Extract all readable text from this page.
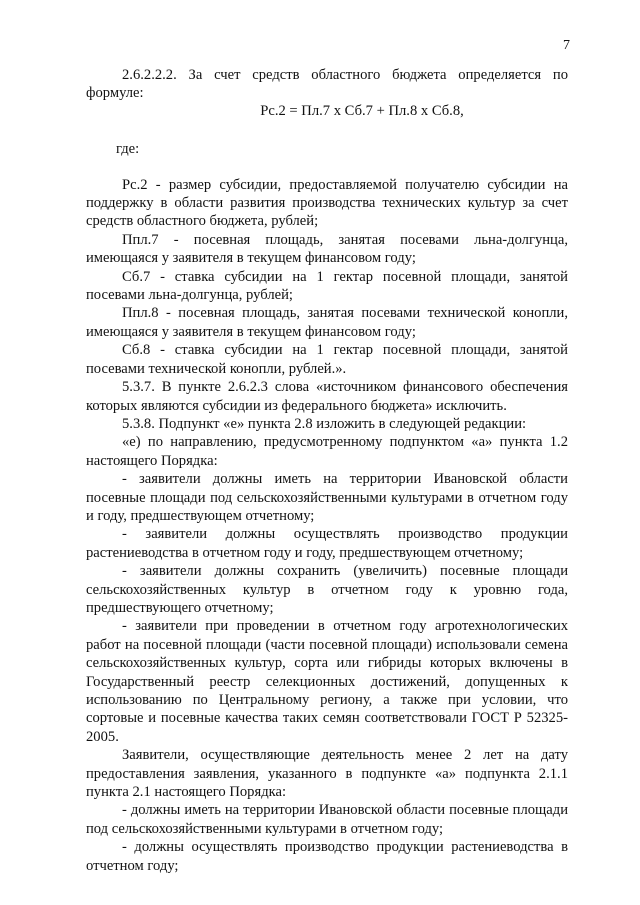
7

2.6.2.2.2. За счет средств областного бюджета определяется по формуле:

Рс.2 = Пл.7 х Сб.7 + Пл.8 х Сб.8,

где:

Рс.2 - размер субсидии, предоставляемой получателю субсидии на поддержку в области развития производства технических культур за счет средств областного бюджета, рублей;

Ппл.7 - посевная площадь, занятая посевами льна-долгунца, имеющаяся у заявителя в текущем финансовом году;

Сб.7 - ставка субсидии на 1 гектар посевной площади, занятой посевами льна-долгунца, рублей;

Ппл.8 - посевная площадь, занятая посевами технической конопли, имеющаяся у заявителя в текущем финансовом году;

Сб.8 - ставка субсидии на 1 гектар посевной площади, занятой посевами технической конопли, рублей.».

5.3.7. В пункте 2.6.2.3 слова «источником финансового обеспечения которых являются субсидии из федерального бюджета» исключить.

5.3.8. Подпункт «е» пункта 2.8 изложить в следующей редакции:

«е) по направлению, предусмотренному подпунктом «а» пункта 1.2 настоящего Порядка:

- заявители должны иметь на территории Ивановской области посевные площади под сельскохозяйственными культурами в отчетном году и году, предшествующем отчетному;

- заявители должны осуществлять производство продукции растениеводства в отчетном году и году, предшествующем отчетному;

- заявители должны сохранить (увеличить) посевные площади сельскохозяйственных культур в отчетном году к уровню года, предшествующего отчетному;

- заявители при проведении в отчетном году агротехнологических работ на посевной площади (части посевной площади) использовали семена сельскохозяйственных культур, сорта или гибриды которых включены в Государственный реестр селекционных достижений, допущенных к использованию по Центральному региону, а также при условии, что сортовые и посевные качества таких семян соответствовали ГОСТ Р 52325-2005.

Заявители, осуществляющие деятельность менее 2 лет на дату предоставления заявления, указанного в подпункте «а» подпункта 2.1.1 пункта 2.1 настоящего Порядка:

- должны иметь на территории Ивановской области посевные площади под сельскохозяйственными культурами в отчетном году;

- должны осуществлять производство продукции растениеводства в отчетном году;
